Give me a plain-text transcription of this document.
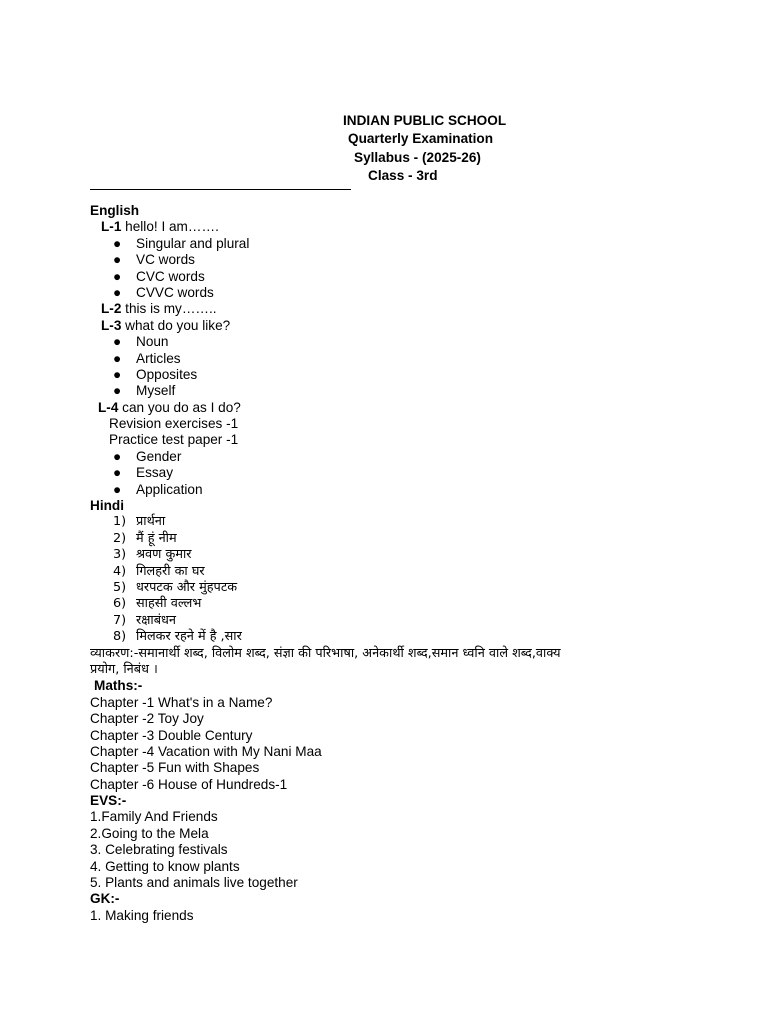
INDIAN PUBLIC SCHOOL
Quarterly Examination
Syllabus - (2025-26)
Class - 3rd
English
L-1 hello! I am…….
● Singular and plural
● VC words
● CVC words
● CVVC words
L-2 this is my……..
L-3 what do you like?
● Noun
● Articles
● Opposites
● Myself
L-4 can you do as I do?
Revision exercises -1
Practice test paper -1
● Gender
● Essay
● Application
Hindi
1) प्रार्थना
2) मैं हूं नीम
3) श्रवण कुमार
4) गिलहरी का घर
5) धरपटक और मुंहपटक
6) साहसी वल्लभ
7) रक्षाबंधन
8) मिलकर रहने में है ,सार
व्याकरण:-समानार्थी शब्द, विलोम शब्द, संज्ञा की परिभाषा, अनेकार्थी शब्द,समान ध्वनि वाले शब्द,वाक्य
प्रयोग, निबंध ।
Maths:-
Chapter -1 What's in a Name?
Chapter -2 Toy Joy
Chapter -3 Double Century
Chapter -4 Vacation with My Nani Maa
Chapter -5 Fun with Shapes
Chapter -6 House of Hundreds-1
EVS:-
1.Family And Friends
2.Going to the Mela
3. Celebrating festivals
4. Getting to know plants
5. Plants and animals live together
GK:-
1. Making friends
